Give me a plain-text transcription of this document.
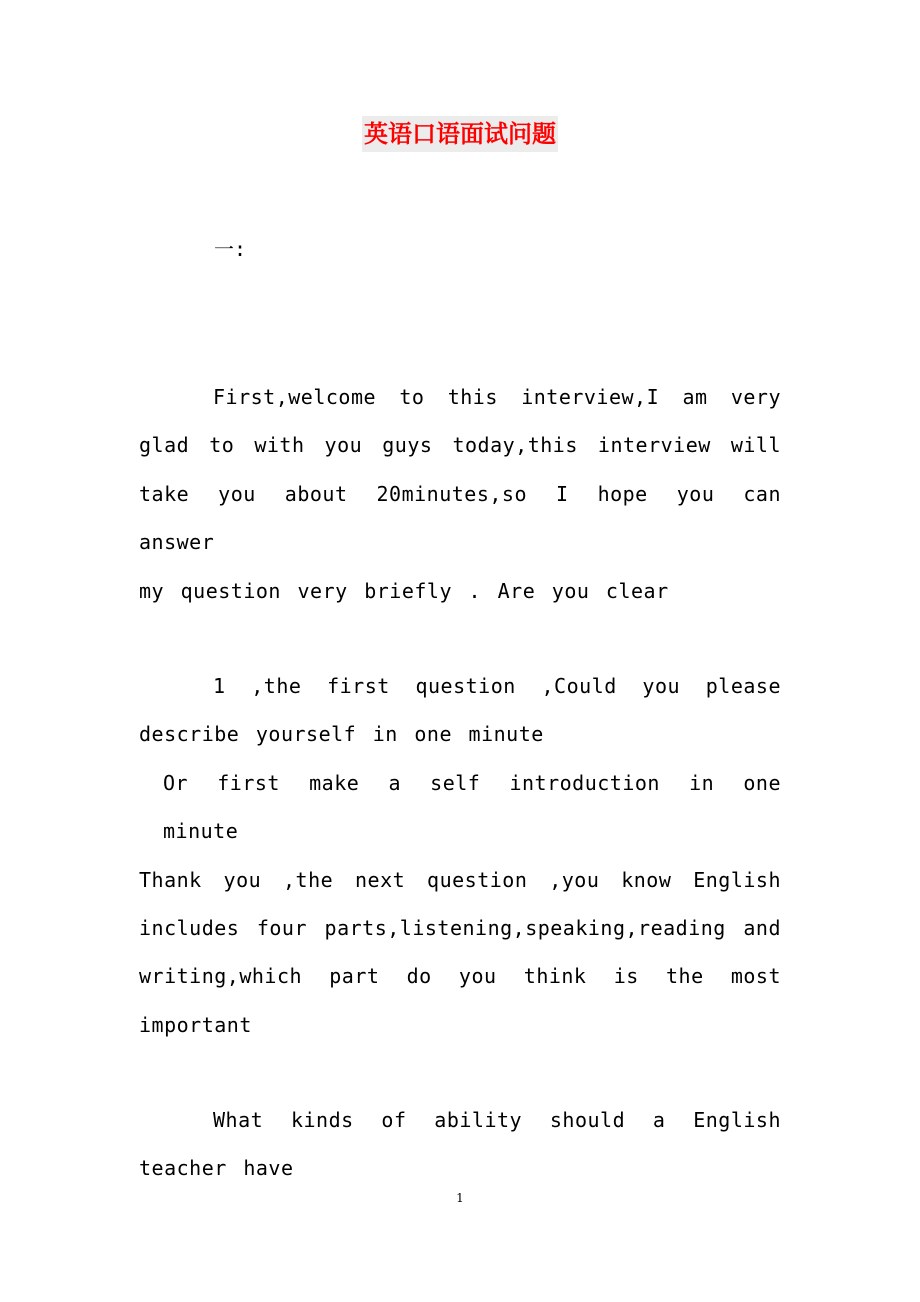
英语口语面试问题
一:

First,welcome to this interview,I am very
glad to with you guys today,this interview will
take you about 20minutes,so I hope you can answer
my question very briefly . Are you clear

1 ,the first question ,Could you please
describe yourself in one minute
Or first make a self introduction in one minute
Thank you ,the next question ,you know English
includes four parts,listening,speaking,reading and
writing,which part do you think is the most
important

What kinds of ability should a English
teacher have

1
